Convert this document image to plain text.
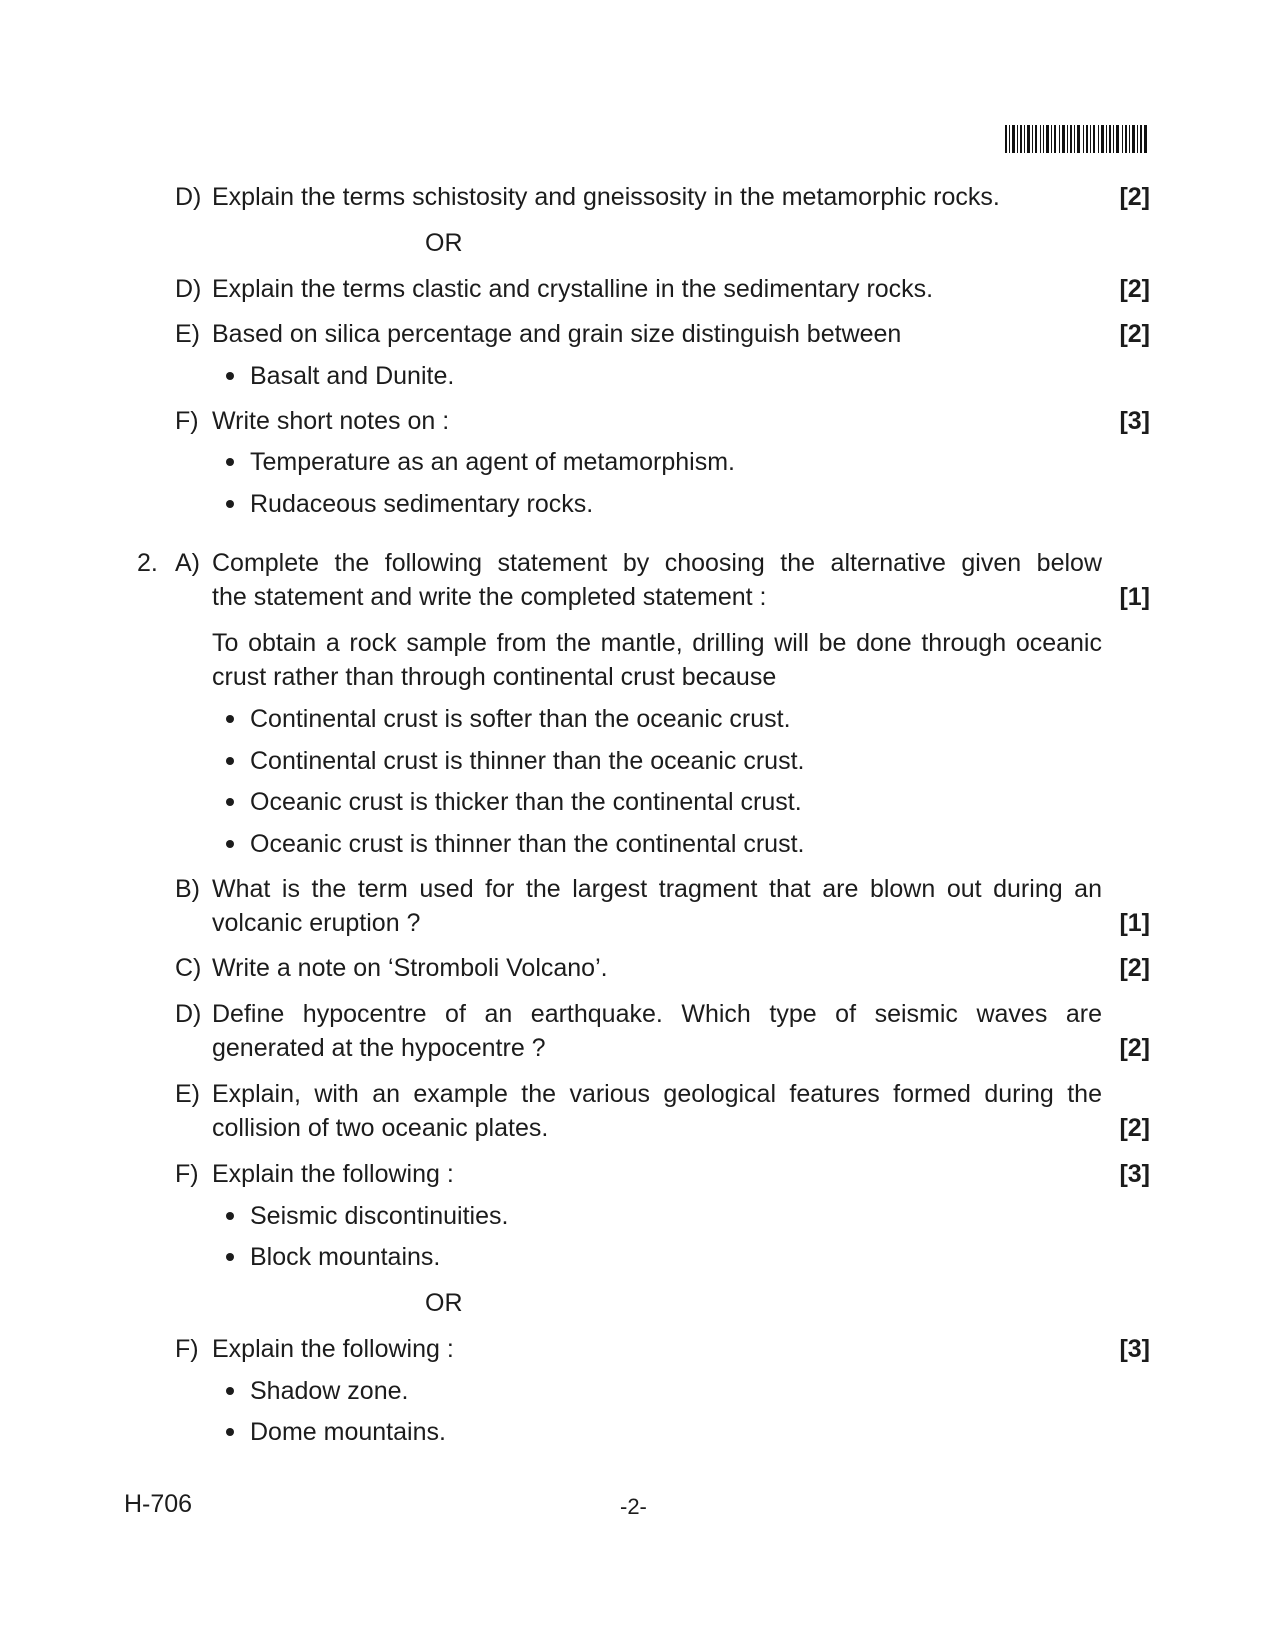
D) Explain the terms schistosity and gneissosity in the metamorphic rocks.	[2]
OR
D) Explain the terms clastic and crystalline in the sedimentary rocks.	[2]
E) Based on silica percentage and grain size distinguish between	[2]
Basalt and Dunite.
F) Write short notes on :	[3]
Temperature as an agent of metamorphism.
Rudaceous sedimentary rocks.
2. A) Complete the following statement by choosing the alternative given below
the statement and write the completed statement :	[1]
To obtain a rock sample from the mantle, drilling will be done through oceanic
crust rather than through continental crust because
Continental crust is softer than the oceanic crust.
Continental crust is thinner than the oceanic crust.
Oceanic crust is thicker than the continental crust.
Oceanic crust is thinner than the continental crust.
B) What is the term used for the largest tragment that are blown out during an
volcanic eruption ?	[1]
C) Write a note on ‘Stromboli Volcano’.	[2]
D) Define hypocentre of an earthquake. Which type of seismic waves are
generated at the hypocentre ?	[2]
E) Explain, with an example the various geological features formed during the
collision of two oceanic plates.	[2]
F) Explain the following :	[3]
Seismic discontinuities.
Block mountains.
OR
F) Explain the following :	[3]
Shadow zone.
Dome mountains.
H-706	-2-
